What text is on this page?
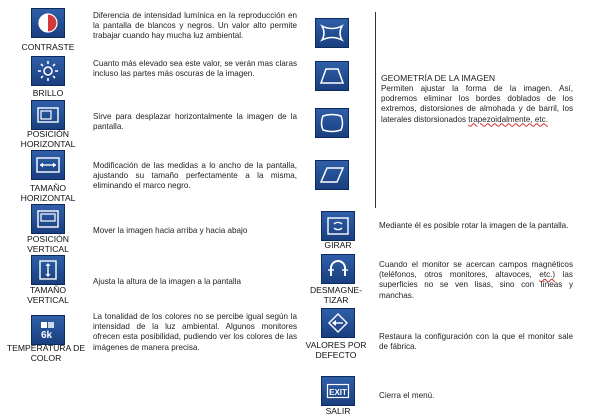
CONTRASTE
Diferencia de intensidad lumínica en la reproducción en la pantalla de blancos y negros. Un valor alto permite trabajar cuando hay mucha luz ambiental.
BRILLO
Cuanto más elevado sea este valor, se verán mas claras incluso las partes más oscuras de la imagen.
POSICIÓN HORIZONTAL
Sirve para desplazar horizontalmente la imagen de la pantalla.
TAMAÑO HORIZONTAL
Modificación de las medidas a lo ancho de la pantalla, ajustando su tamaño perfectamente a la misma, eliminando el marco negro.
POSICIÓN VERTICAL
Mover la imagen hacia arriba y hacia abajo
TAMAÑO VERTICAL
Ajusta la altura de la imagen a la pantalla
6k
TEMPERATURA DE COLOR
La tonalidad de los colores no se percibe igual según la intensidad de la luz ambiental. Algunos monitores ofrecen esta posibilidad, pudiendo ver los colores de las imágenes de manera precisa.
GEOMETRÍA DE LA IMAGEN
Permiten ajustar la forma de la imagen. Así, podremos eliminar los bordes doblados de los extremos, distorsiones de almohada y de barril, los laterales distorsionados trapezoidalmente, etc.
GIRAR
Mediante él es posible rotar la imagen de la pantalla.
DESMAGNE-TIZAR
Cuando el monitor se acercan campos magnéticos (teléfonos, otros monitores, altavoces, etc.) las superficies no se ven lisas, sino con líneas y manchas.
VALORES POR DEFECTO
Restaura la configuración con la que el monitor sale de fábrica.
EXIT
SALIR
Cierra el menú.
